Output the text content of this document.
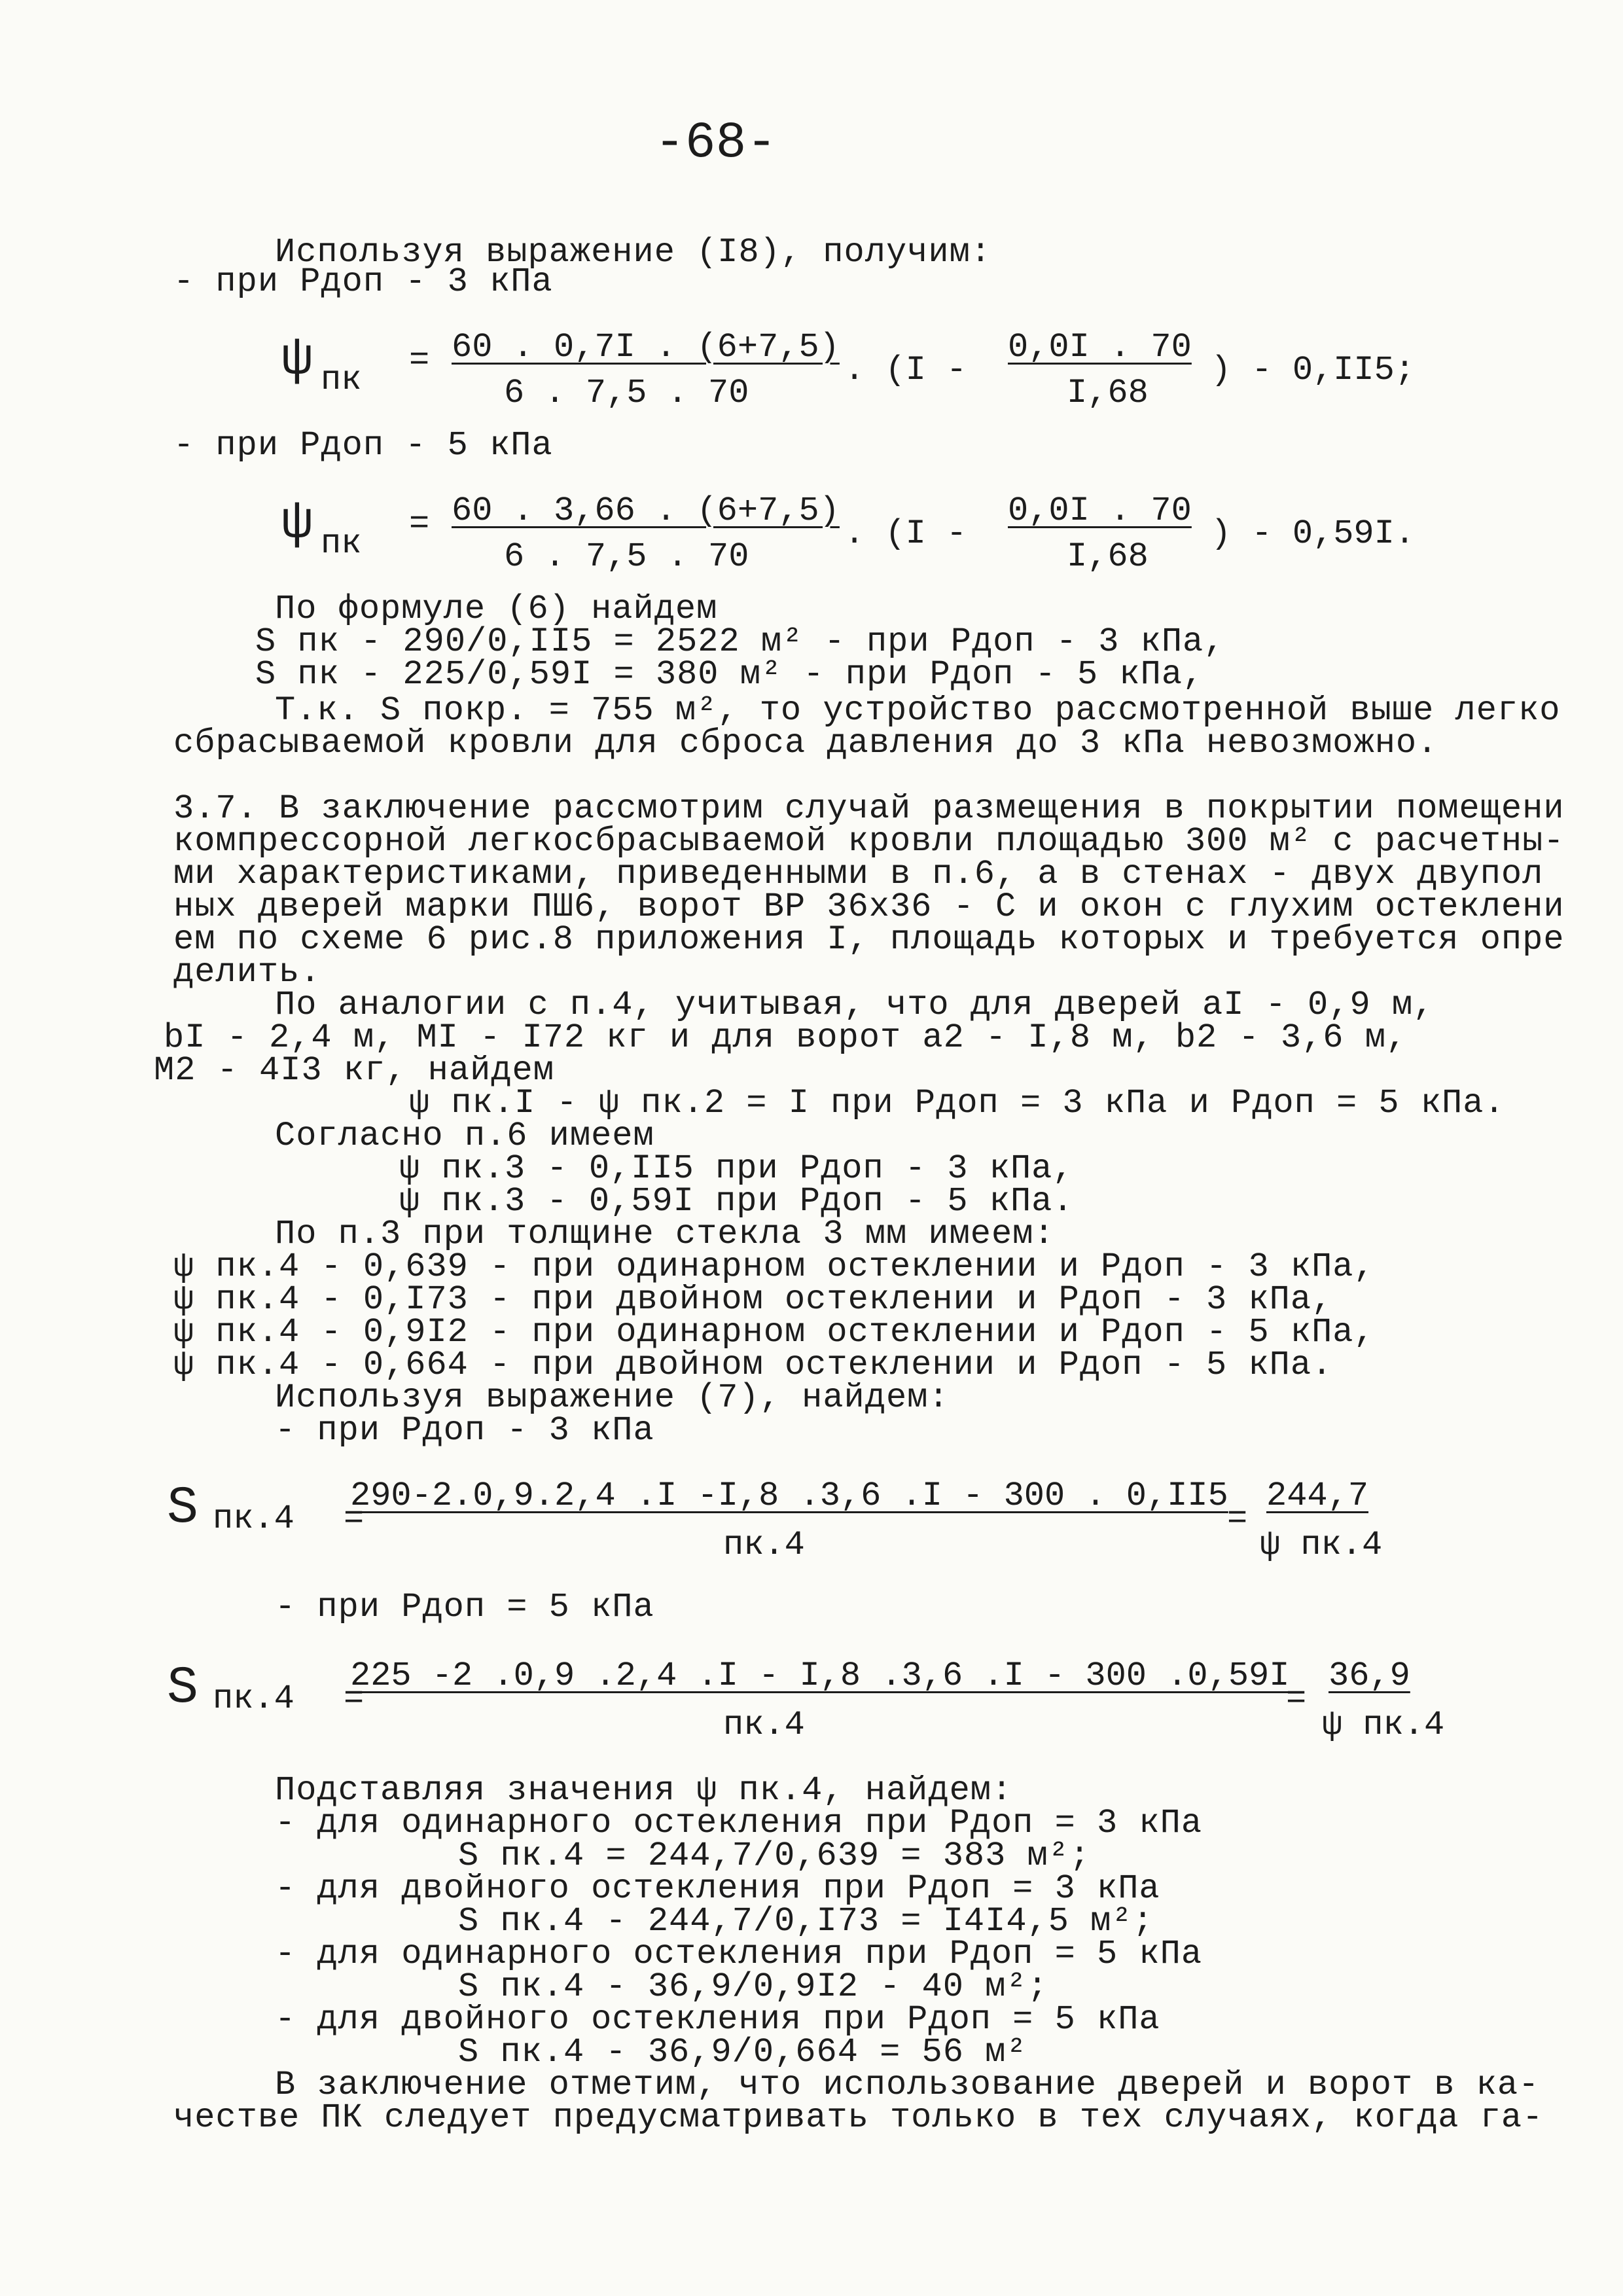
-68-
Используя выражение (I8), получим:
- при Рдоп - 3 кПа
ψ пк
= 60 . 0,7I . (6+7,5)
6 . 7,5 . 70
. (I -
0,0I . 70
I,68
) - 0,II5;
- при Рдоп - 5 кПа
ψ пк
= 60 . 3,66 . (6+7,5)
6 . 7,5 . 70
. (I -
0,0I . 70
I,68
) - 0,59I.
По формуле (6) найдем
S пк - 290/0,II5 = 2522 м² - при Рдоп - 3 кПа,
S пк - 225/0,59I = 380 м² - при Рдоп - 5 кПа,
Т.к. S покр. = 755 м², то устройство рассмотренной выше легко
сбрасываемой кровли для сброса давления до 3 кПа невозможно.
3.7. В заключение рассмотрим случай размещения в покрытии помещени
компрессорной легкосбрасываемой кровли площадью 300 м² с расчетны-
ми характеристиками, приведенными в п.6, а в стенах - двух двупол
ных дверей марки ПШ6, ворот ВР 36x36 - С и окон с глухим остеклени
ем по схеме 6 рис.8 приложения I, площадь которых и требуется опре
делить.
По аналогии с п.4, учитывая, что для дверей aI - 0,9 м,
bI - 2,4 м, MI - I72 кг и для ворот a2 - I,8 м, b2 - 3,6 м,
M2 - 4I3 кг, найдем
ψ пк.I - ψ пк.2 = I при Рдоп = 3 кПа и Рдоп = 5 кПа.
Согласно п.6 имеем
ψ пк.3 - 0,II5 при Рдоп - 3 кПа,
ψ пк.3 - 0,59I при Рдоп - 5 кПа.
По п.3 при толщине стекла 3 мм имеем:
ψ пк.4 - 0,639 - при одинарном остеклении и Рдоп - 3 кПа,
ψ пк.4 - 0,I73 - при двойном остеклении и Рдоп - 3 кПа,
ψ пк.4 - 0,9I2 - при одинарном остеклении и Рдоп - 5 кПа,
ψ пк.4 - 0,664 - при двойном остеклении и Рдоп - 5 кПа.
Используя выражение (7), найдем:
- при Рдоп - 3 кПа
S пк.4 =
290-2.0,9.2,4 .I -I,8 .3,6 .I - 300 . 0,II5
пк.4
=
244,7
ψ пк.4
- при Рдоп = 5 кПа
S пк.4 =
225 -2 .0,9 .2,4 .I - I,8 .3,6 .I - 300 .0,59I
пк.4
=
36,9
ψ пк.4
Подставляя значения ψ пк.4, найдем:
- для одинарного остекления при Рдоп = 3 кПа
S пк.4 = 244,7/0,639 = 383 м²;
- для двойного остекления при Рдоп = 3 кПа
S пк.4 - 244,7/0,I73 = I4I4,5 м²;
- для одинарного остекления при Рдоп = 5 кПа
S пк.4 - 36,9/0,9I2 - 40 м²;
- для двойного остекления при Рдоп = 5 кПа
S пк.4 - 36,9/0,664 = 56 м²
В заключение отметим, что использование дверей и ворот в ка-
честве ПК следует предусматривать только в тех случаях, когда га-
